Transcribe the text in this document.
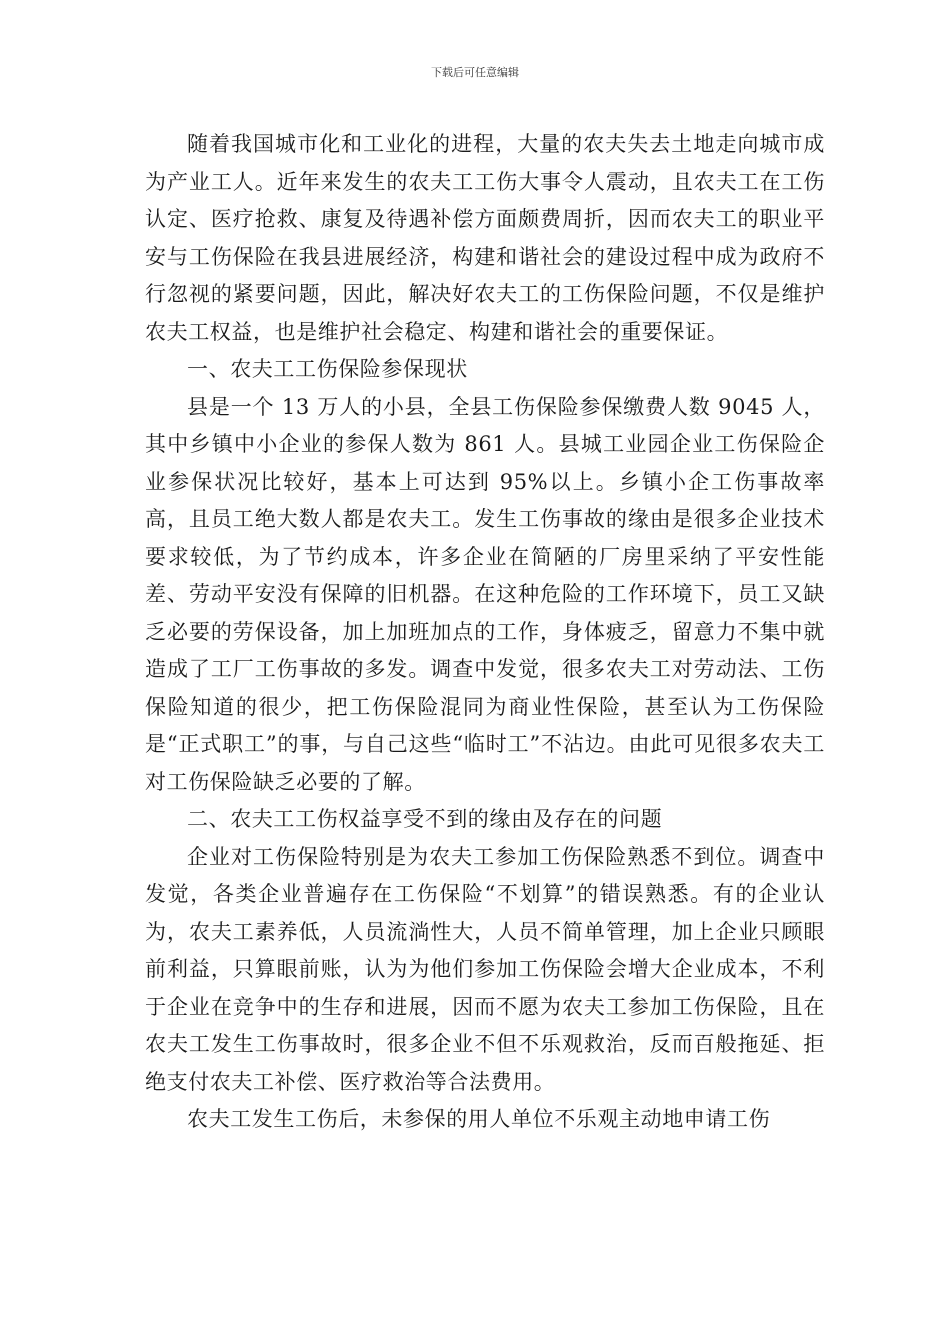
下载后可任意编辑

随着我国城市化和工业化的进程，大量的农夫失去土地走向城市成为产业工人。近年来发生的农夫工工伤大事令人震动，且农夫工在工伤认定、医疗抢救、康复及待遇补偿方面颇费周折，因而农夫工的职业平安与工伤保险在我县进展经济，构建和谐社会的建设过程中成为政府不行忽视的紧要问题，因此，解决好农夫工的工伤保险问题，不仅是维护农夫工权益，也是维护社会稳定、构建和谐社会的重要保证。

一、农夫工工伤保险参保现状

县是一个 13 万人的小县，全县工伤保险参保缴费人数 9045 人，其中乡镇中小企业的参保人数为 861 人。县城工业园企业工伤保险企业参保状况比较好，基本上可达到 95%以上。乡镇小企工伤事故率高，且员工绝大数人都是农夫工。发生工伤事故的缘由是很多企业技术要求较低，为了节约成本，许多企业在简陋的厂房里采纳了平安性能差、劳动平安没有保障的旧机器。在这种危险的工作环境下，员工又缺乏必要的劳保设备，加上加班加点的工作，身体疲乏，留意力不集中就造成了工厂工伤事故的多发。调查中发觉，很多农夫工对劳动法、工伤保险知道的很少，把工伤保险混同为商业性保险，甚至认为工伤保险是“正式职工”的事，与自己这些“临时工”不沾边。由此可见很多农夫工对工伤保险缺乏必要的了解。

二、农夫工工伤权益享受不到的缘由及存在的问题

企业对工伤保险特别是为农夫工参加工伤保险熟悉不到位。调查中发觉，各类企业普遍存在工伤保险“不划算”的错误熟悉。有的企业认为，农夫工素养低，人员流淌性大，人员不简单管理，加上企业只顾眼前利益，只算眼前账，认为为他们参加工伤保险会增大企业成本，不利于企业在竞争中的生存和进展，因而不愿为农夫工参加工伤保险，且在农夫工发生工伤事故时，很多企业不但不乐观救治，反而百般拖延、拒绝支付农夫工补偿、医疗救治等合法费用。

农夫工发生工伤后，未参保的用人单位不乐观主动地申请工伤
